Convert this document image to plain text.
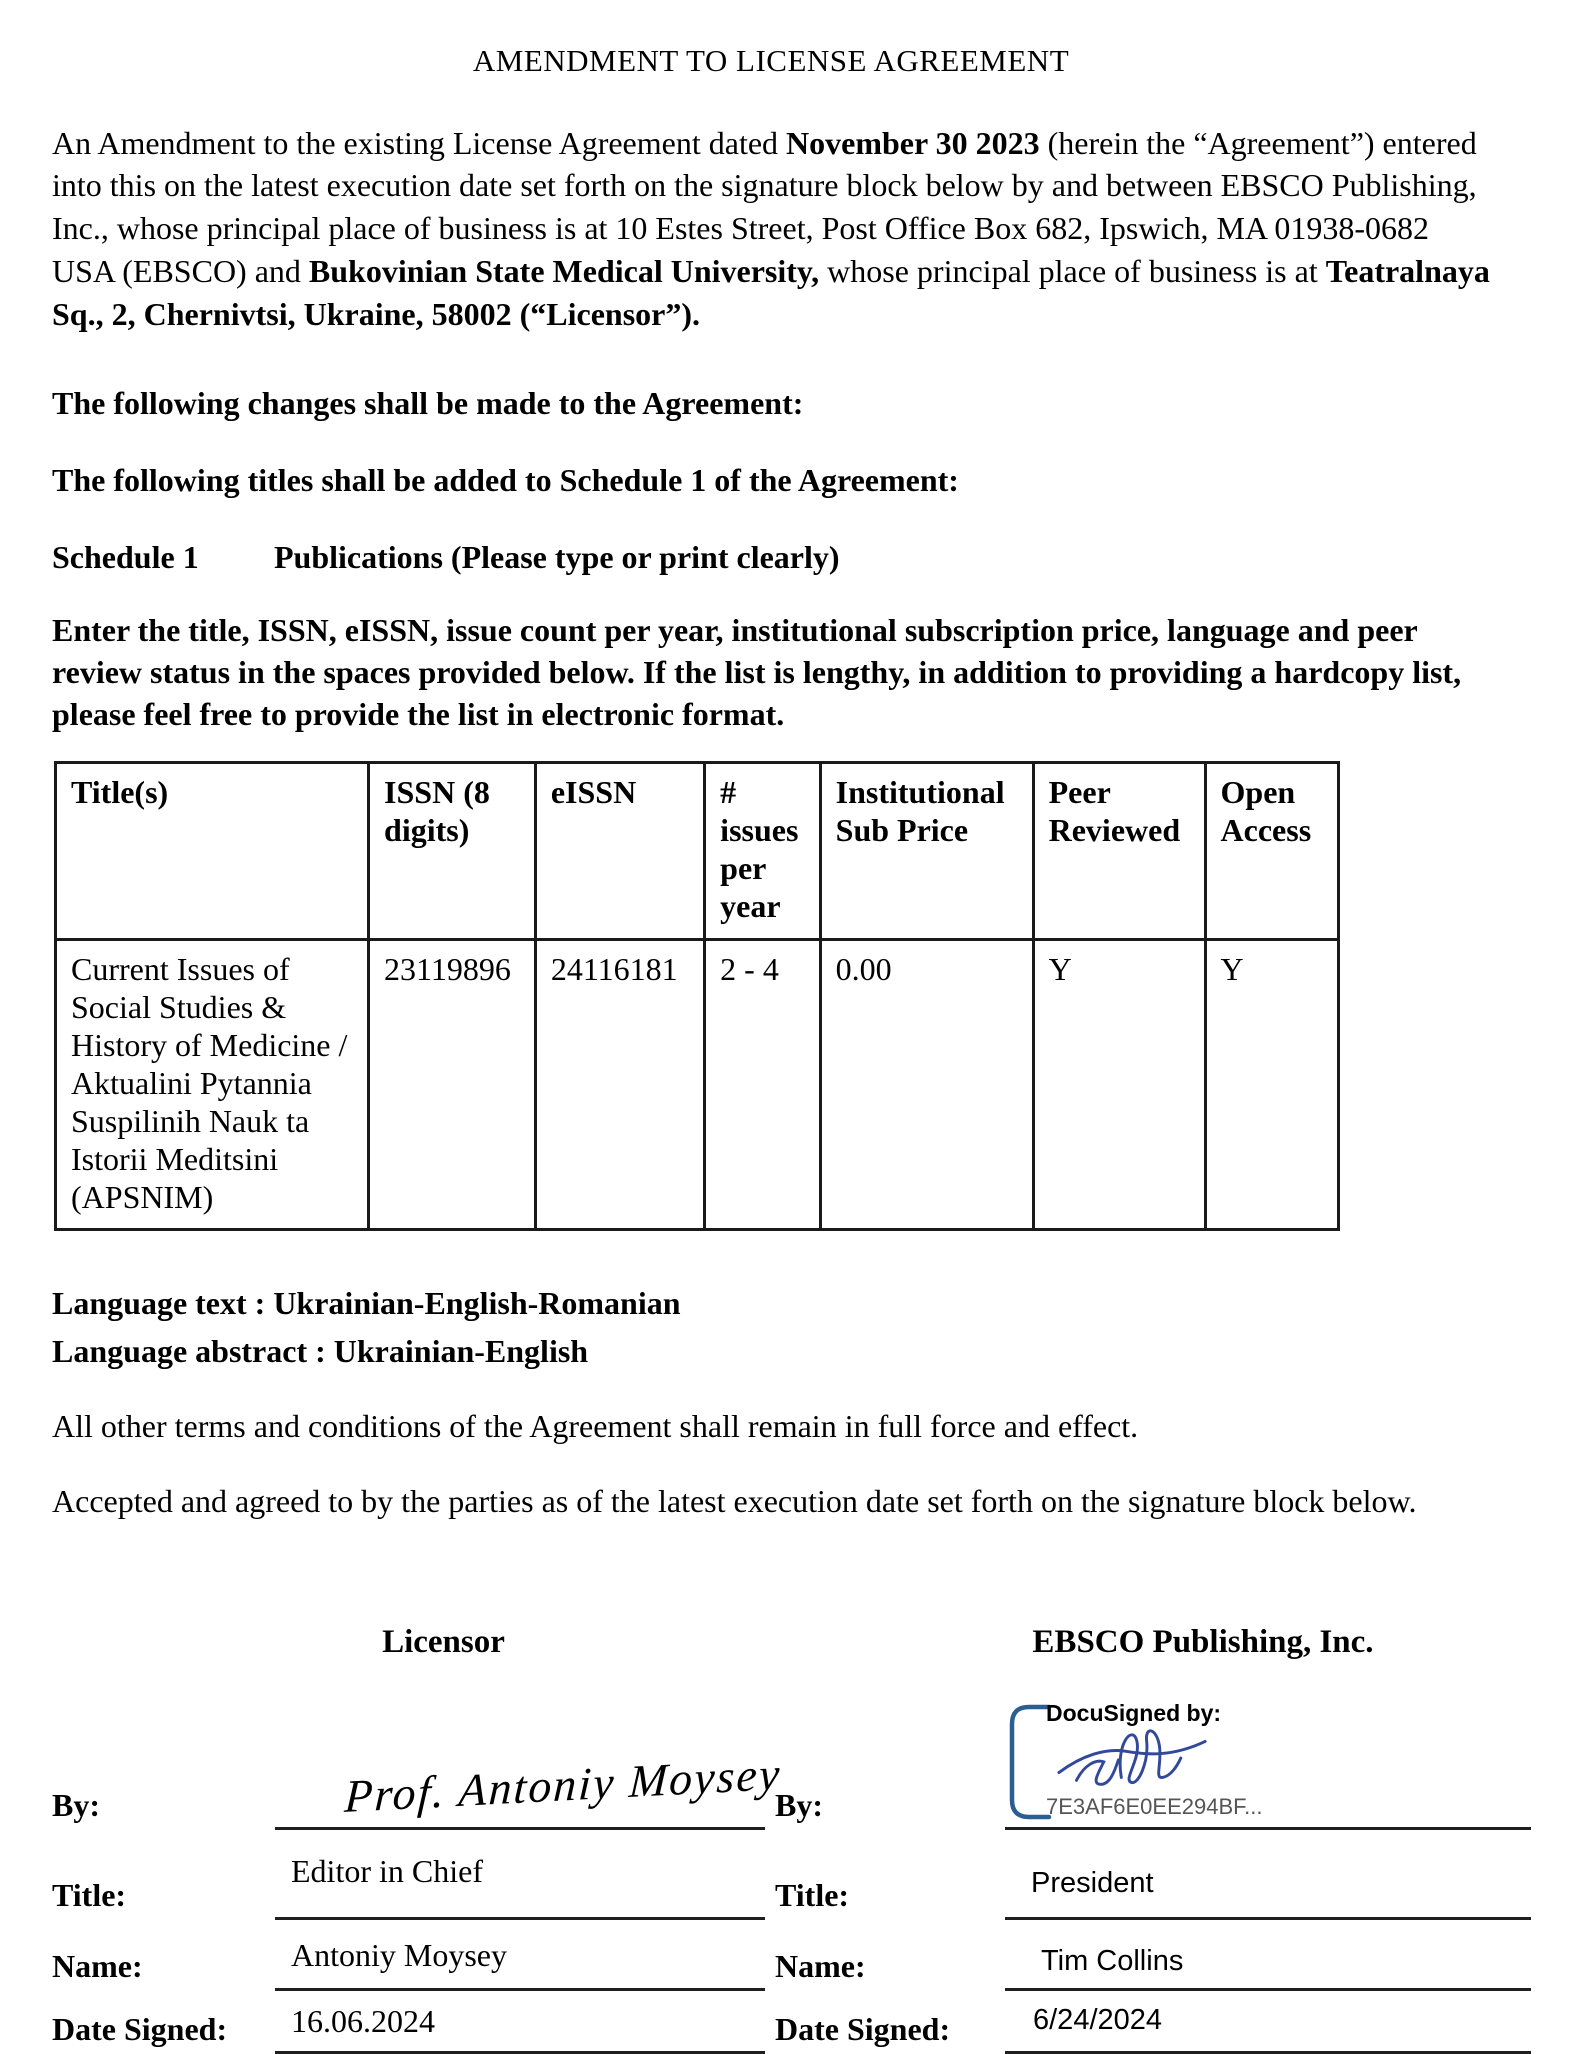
AMENDMENT TO LICENSE AGREEMENT
An Amendment to the existing License Agreement dated November 30 2023 (herein the “Agreement”) entered into this on the latest execution date set forth on the signature block below by and between EBSCO Publishing, Inc., whose principal place of business is at 10 Estes Street, Post Office Box 682, Ipswich, MA 01938-0682 USA (EBSCO) and Bukovinian State Medical University, whose principal place of business is at Teatralnaya Sq., 2, Chernivtsi, Ukraine, 58002 (“Licensor”).
The following changes shall be made to the Agreement:
The following titles shall be added to Schedule 1 of the Agreement:
Schedule 1 Publications (Please type or print clearly)
Enter the title, ISSN, eISSN, issue count per year, institutional subscription price, language and peer review status in the spaces provided below. If the list is lengthy, in addition to providing a hardcopy list, please feel free to provide the list in electronic format.
Title(s)	ISSN (8 digits)	eISSN	# issues per year	Institutional Sub Price	Peer Reviewed	Open Access
Current Issues of Social Studies & History of Medicine / Aktualini Pytannia Suspilinih Nauk ta Istorii Meditsini (APSNIM)	23119896	24116181	2 - 4	0.00	Y	Y
Language text : Ukrainian-English-Romanian
Language abstract : Ukrainian-English
All other terms and conditions of the Agreement shall remain in full force and effect.
Accepted and agreed to by the parties as of the latest execution date set forth on the signature block below.
Licensor	EBSCO Publishing, Inc.
By:	Prof. Antoniy Moysey
Title:
Editor in Chief
Name:	Antoniy Moysey
Date Signed:	16.06.2024
By:
DocuSigned by:
7E3AF6E0EE294BF...
Title:	President
Name:	Tim Collins
Date Signed:	6/24/2024
